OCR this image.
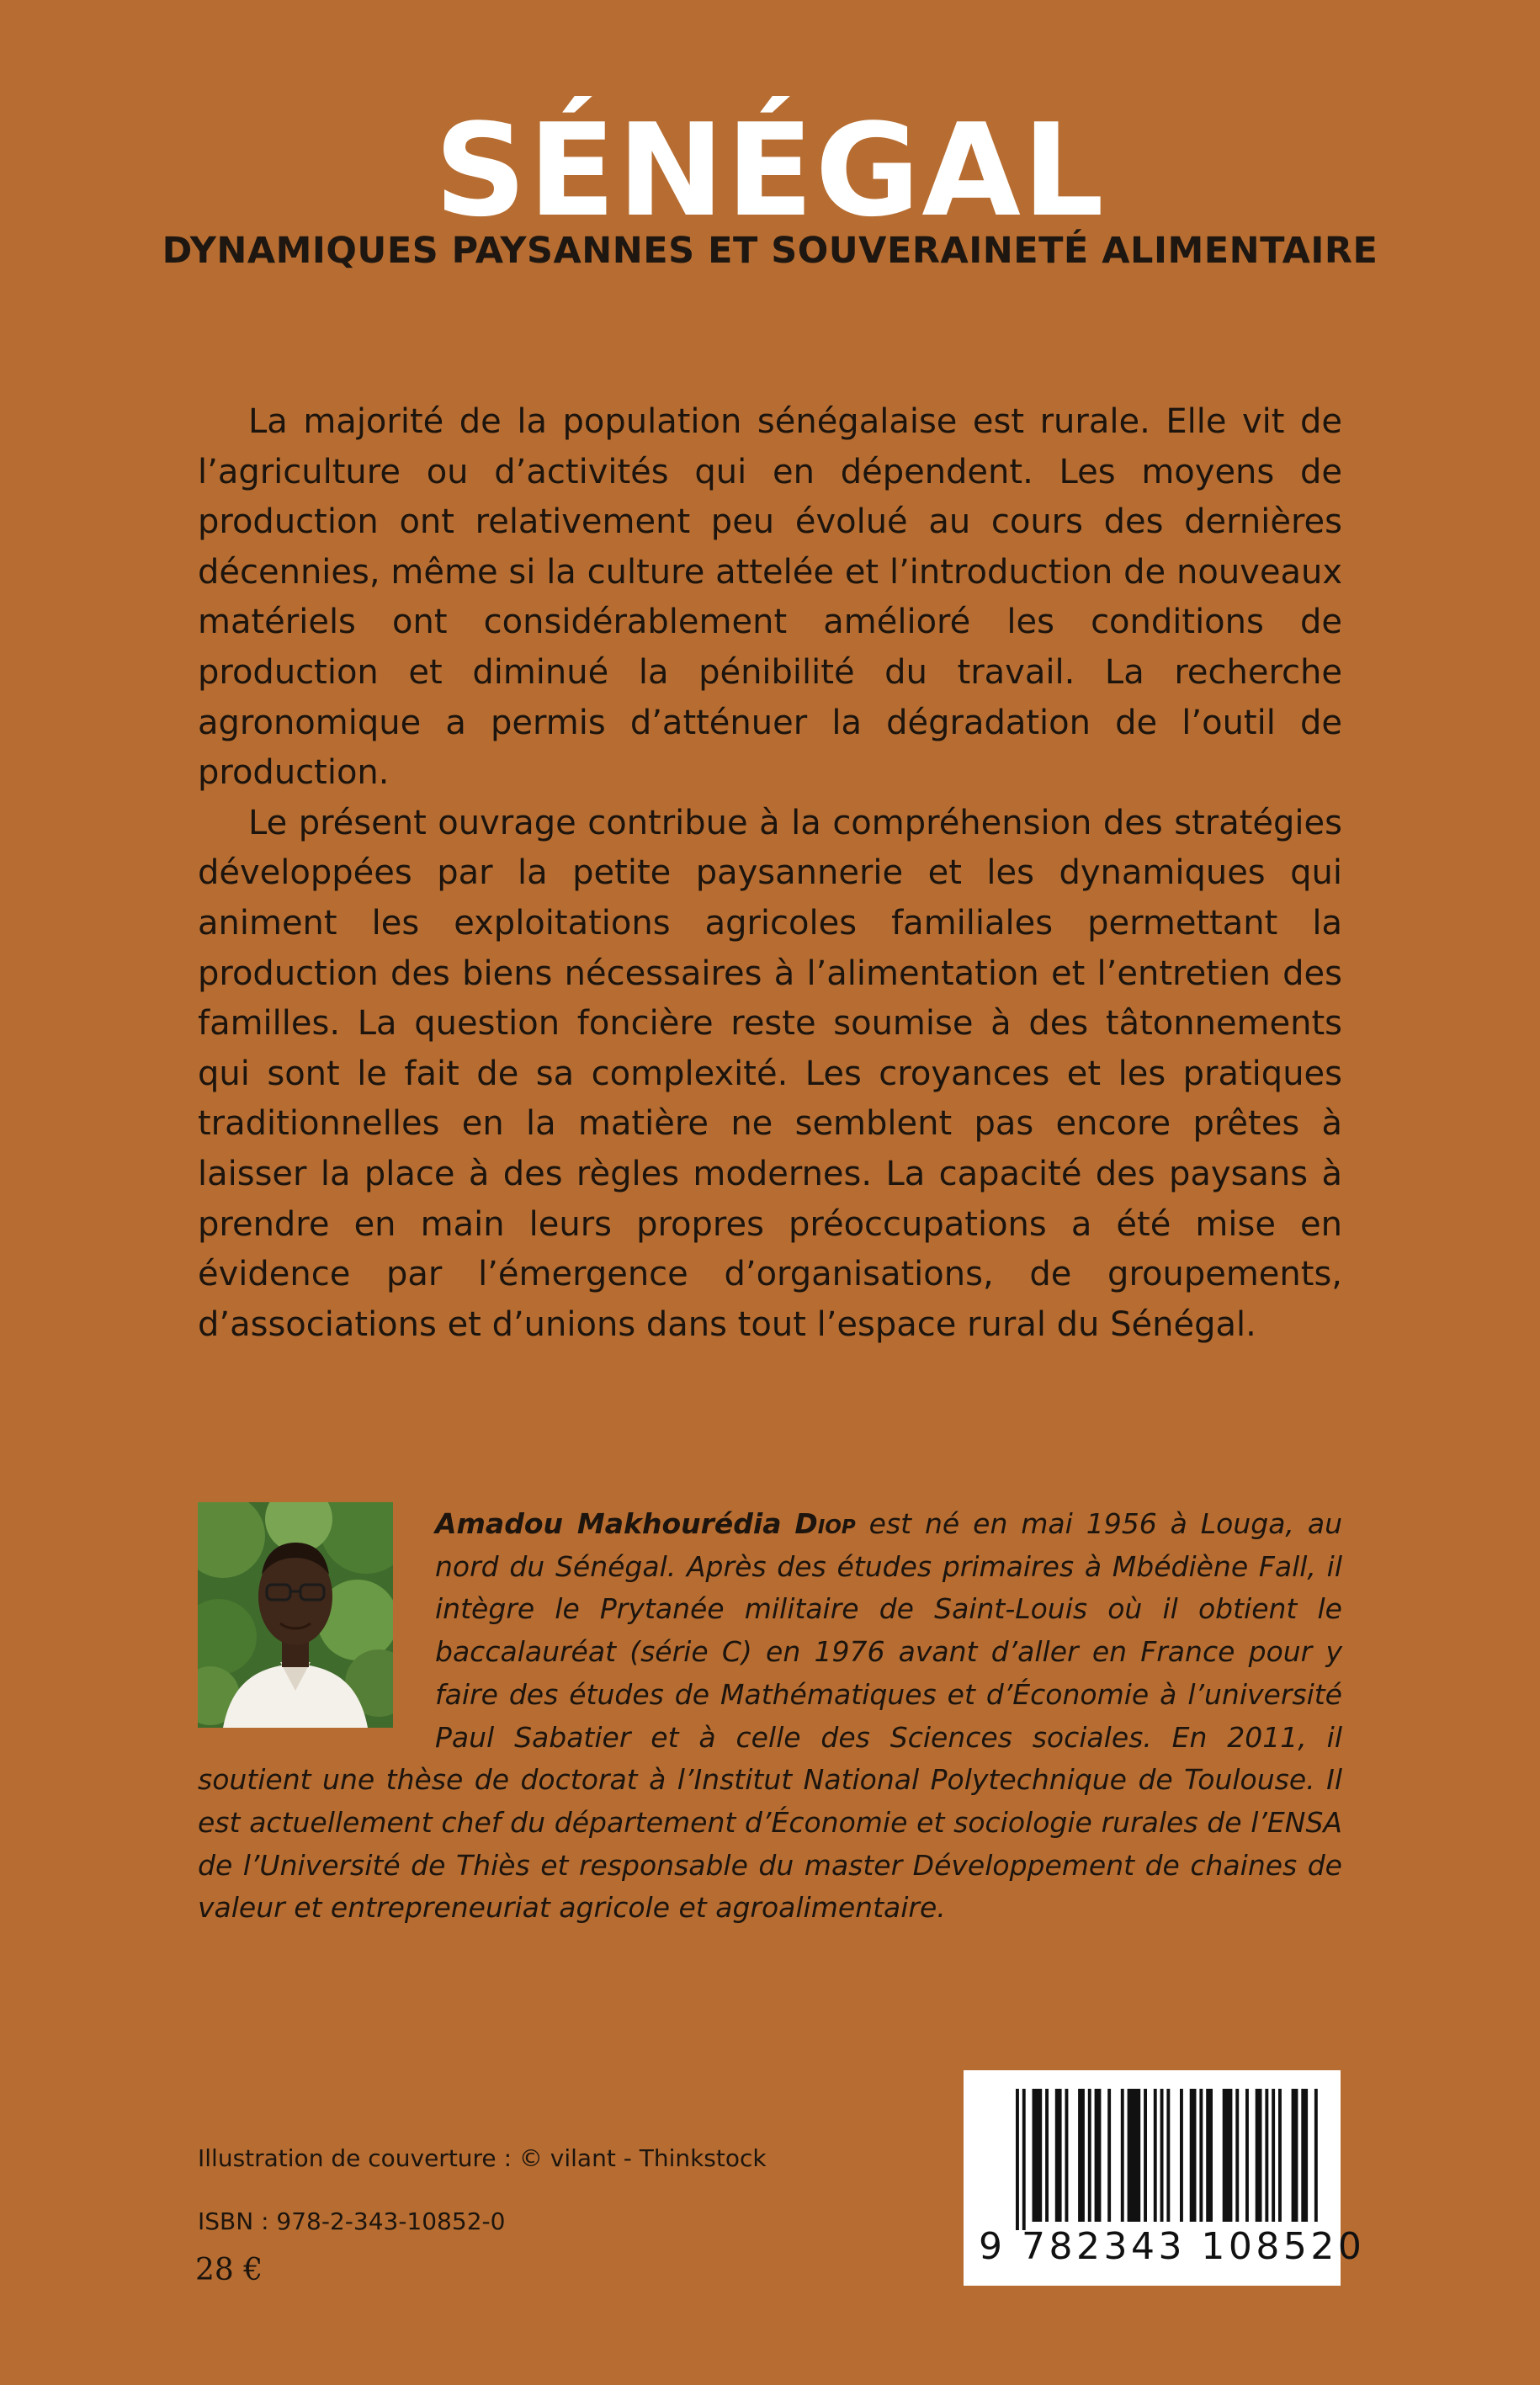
SÉNÉGAL
DYNAMIQUES PAYSANNES ET SOUVERAINETÉ ALIMENTAIRE

La majorité de la population sénégalaise est rurale. Elle vit de l’agriculture ou d’activités qui en dépendent. Les moyens de production ont relativement peu évolué au cours des dernières décennies, même si la culture attelée et l’introduction de nouveaux matériels ont considérablement amélioré les conditions de production et diminué la pénibilité du travail. La recherche agronomique a permis d’atténuer la dégradation de l’outil de production.

Le présent ouvrage contribue à la compréhension des stratégies développées par la petite paysannerie et les dynamiques qui animent les exploitations agricoles familiales permettant la production des biens nécessaires à l’alimentation et l’entretien des familles. La question foncière reste soumise à des tâtonnements qui sont le fait de sa complexité. Les croyances et les pratiques traditionnelles en la matière ne semblent pas encore prêtes à laisser la place à des règles modernes. La capacité des paysans à prendre en main leurs propres préoccupations a été mise en évidence par l’émergence d’organisations, de groupements, d’associations et d’unions dans tout l’espace rural du Sénégal.

Amadou Makhourédia Diop est né en mai 1956 à Louga, au nord du Sénégal. Après des études primaires à Mbédiène Fall, il intègre le Prytanée militaire de Saint-Louis où il obtient le baccalauréat (série C) en 1976 avant d’aller en France pour y faire des études de Mathématiques et d’Économie à l’université Paul Sabatier et à celle des Sciences sociales. En 2011, il soutient une thèse de doctorat à l’Institut National Polytechnique de Toulouse. Il est actuellement chef du département d’Économie et sociologie rurales de l’ENSA de l’Université de Thiès et responsable du master Développement de chaines de valeur et entrepreneuriat agricole et agroalimentaire.
Illustration de couverture : © vilant - Thinkstock
ISBN : 978-2-343-10852-0
28 €
9 782343 108520
